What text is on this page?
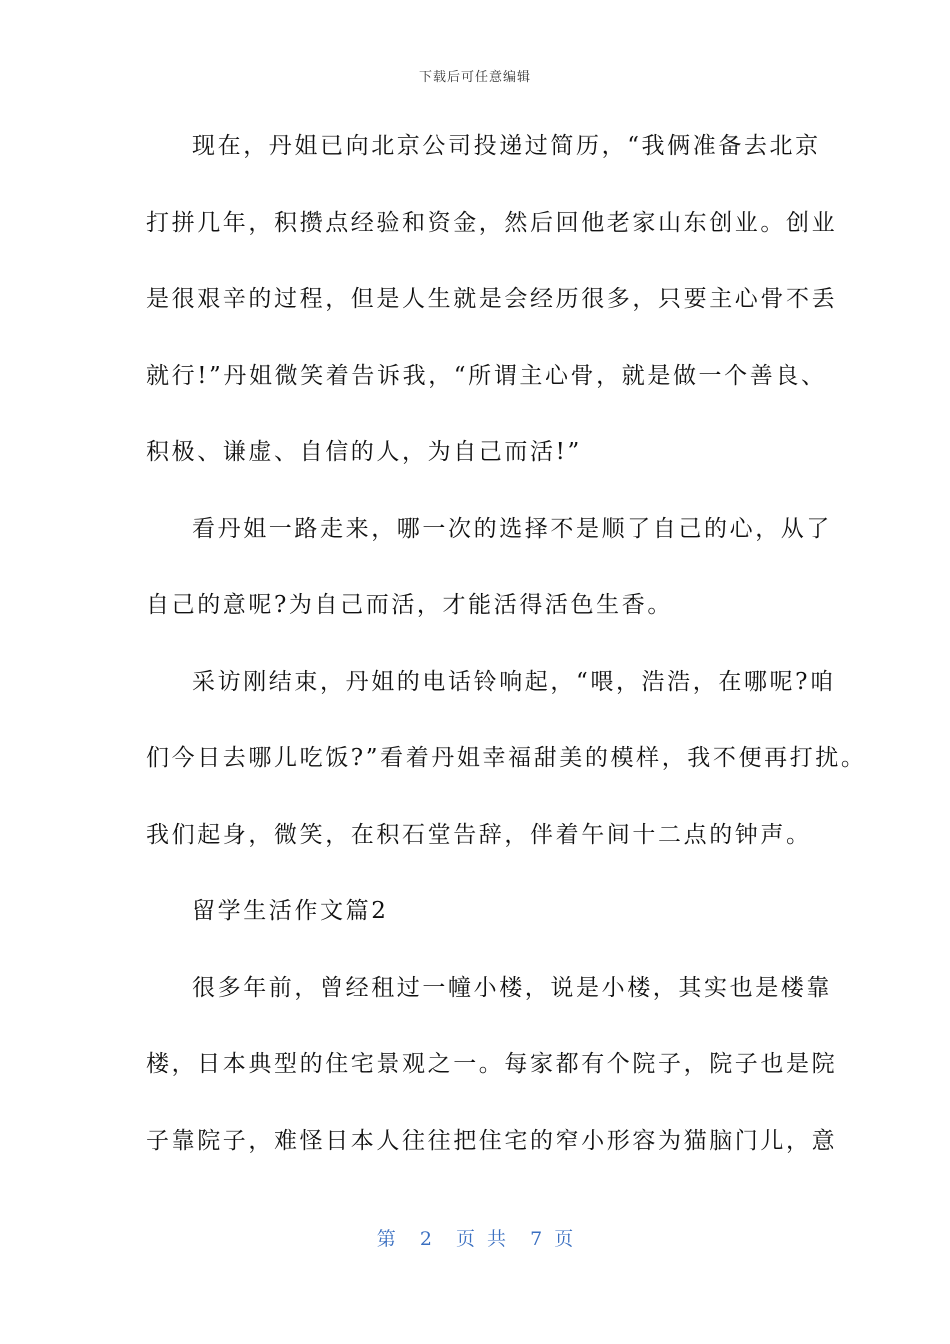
下载后可任意编辑
现在，丹姐已向北京公司投递过简历，“我俩准备去北京
打拼几年，积攒点经验和资金，然后回他老家山东创业。创业
是很艰辛的过程，但是人生就是会经历很多，只要主心骨不丢
就行!”丹姐微笑着告诉我，“所谓主心骨，就是做一个善良、
积极、谦虚、自信的人，为自己而活!”
看丹姐一路走来，哪一次的选择不是顺了自己的心，从了
自己的意呢?为自己而活，才能活得活色生香。
采访刚结束，丹姐的电话铃响起，“喂，浩浩，在哪呢?咱
们今日去哪儿吃饭?”看着丹姐幸福甜美的模样，我不便再打扰。
我们起身，微笑，在积石堂告辞，伴着午间十二点的钟声。
留学生活作文篇2
很多年前，曾经租过一幢小楼，说是小楼，其实也是楼靠
楼，日本典型的住宅景观之一。每家都有个院子，院子也是院
子靠院子，难怪日本人往往把住宅的窄小形容为猫脑门儿，意
第 2 页 共 7 页
